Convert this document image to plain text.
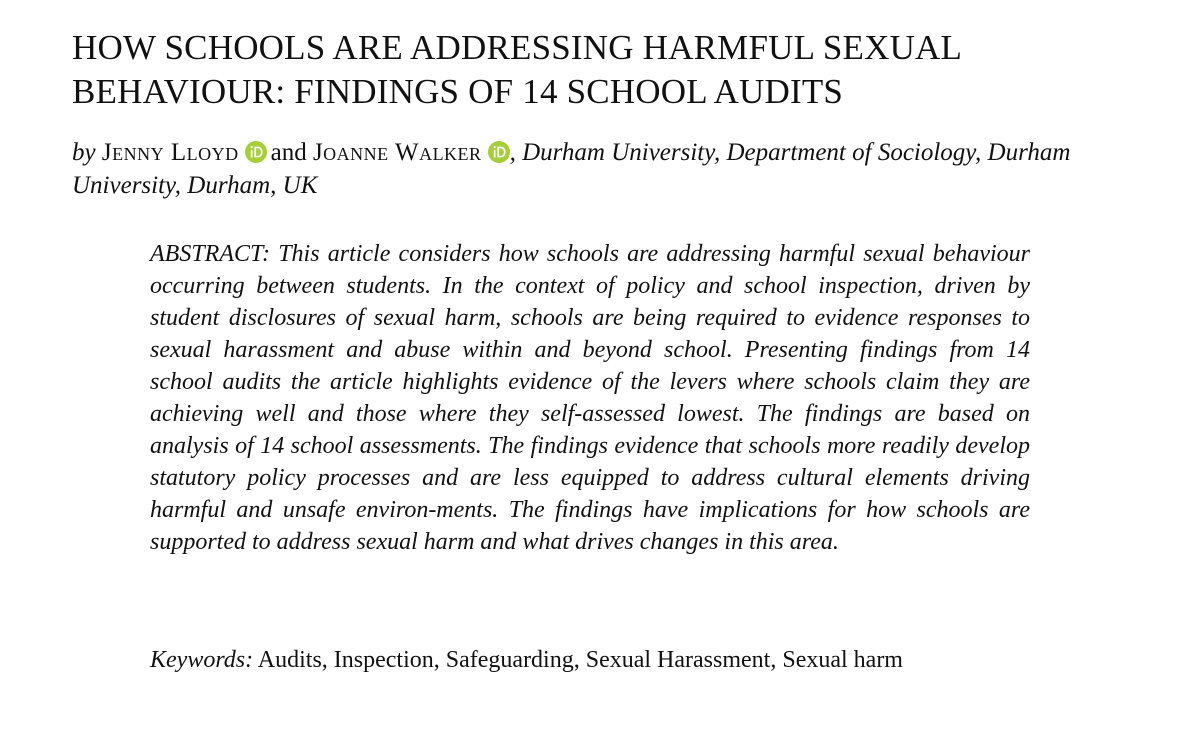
HOW SCHOOLS ARE ADDRESSING HARMFUL SEXUAL
BEHAVIOUR: FINDINGS OF 14 SCHOOL AUDITS

by Jenny Lloyd and Joanne Walker , Durham University, Department of Sociology, Durham University, Durham, UK

ABSTRACT: This article considers how schools are addressing harmful sexual behaviour occurring between students. In the context of policy and school inspection, driven by student disclosures of sexual harm, schools are being required to evidence responses to sexual harassment and abuse within and beyond school. Presenting findings from 14 school audits the article highlights evidence of the levers where schools claim they are achieving well and those where they self-assessed lowest. The findings are based on analysis of 14 school assessments. The findings evidence that schools more readily develop statutory policy processes and are less equipped to address cultural elements driving harmful and unsafe environ-ments. The findings have implications for how schools are supported to address sexual harm and what drives changes in this area.

Keywords: Audits, Inspection, Safeguarding, Sexual Harassment, Sexual harm
